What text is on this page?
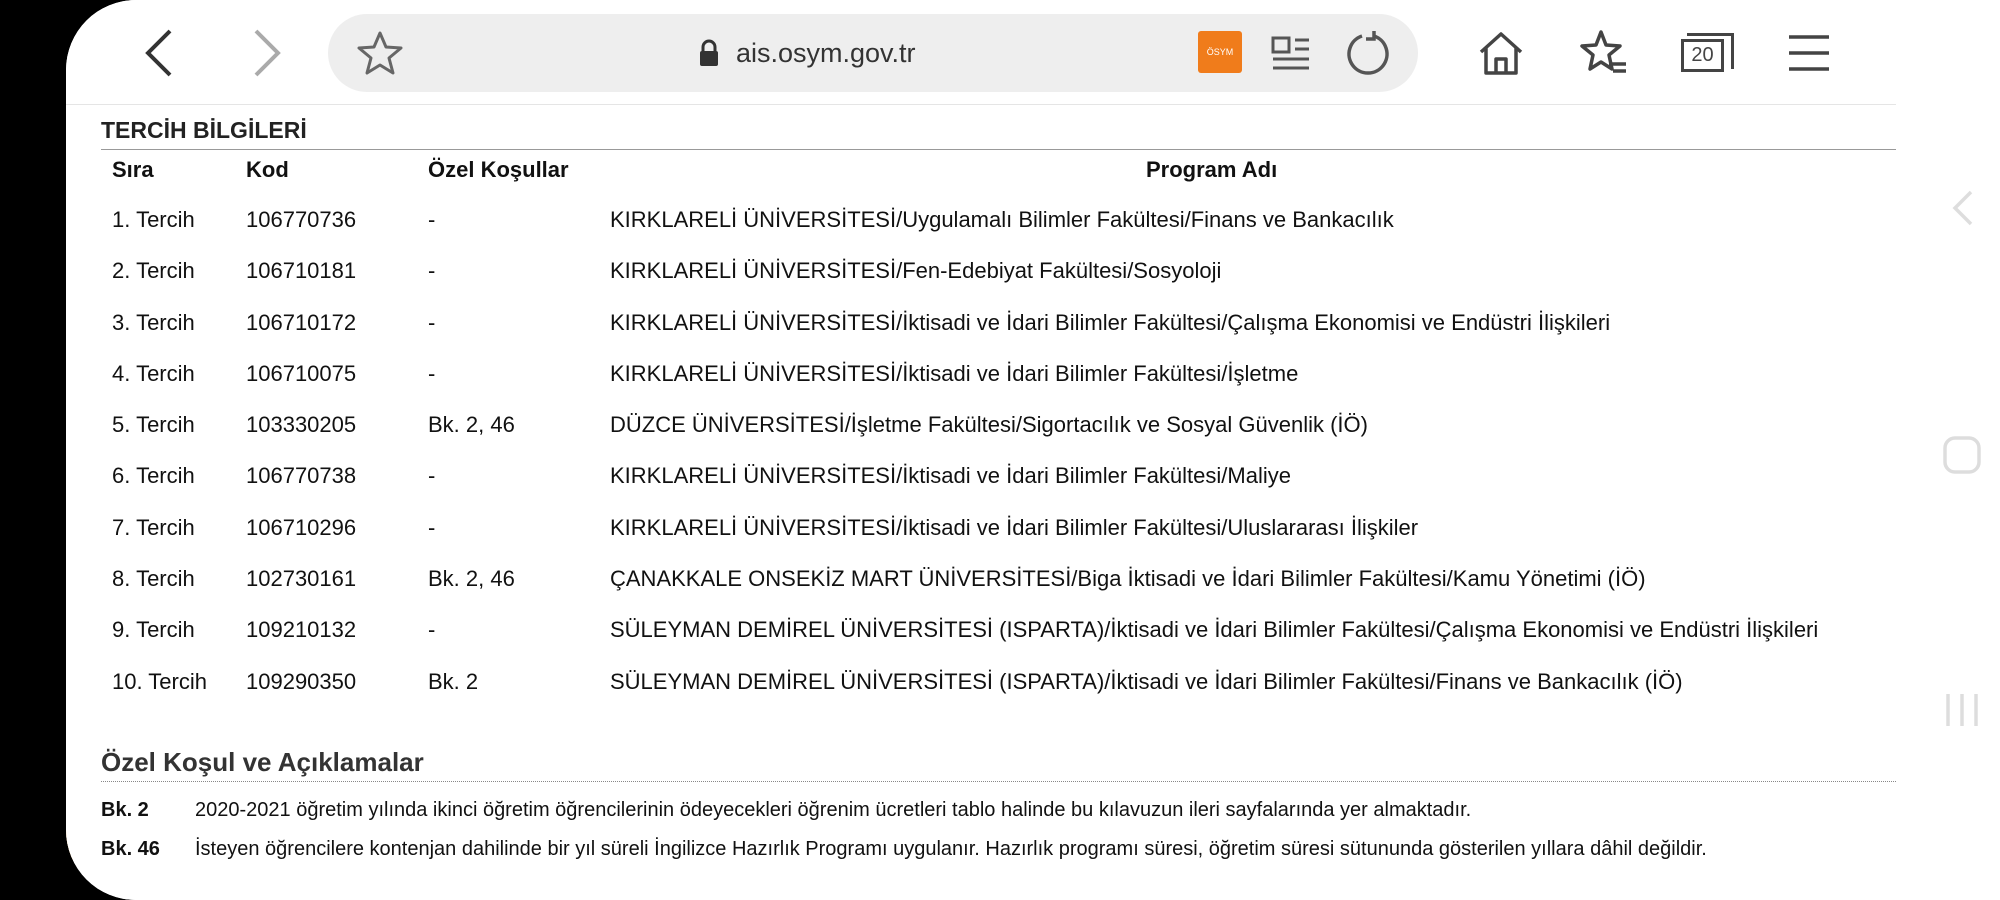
ais.osym.gov.tr	ÖSYM	20
TERCİH BİLGİLERİ
Sıra	Kod	Özel Koşullar	Program Adı
1. Tercih 106770736	-	KIRKLARELİ ÜNİVERSİTESİ/Uygulamalı Bilimler Fakültesi/Finans ve Bankacılık
2. Tercih 106710181	-	KIRKLARELİ ÜNİVERSİTESİ/Fen-Edebiyat Fakültesi/Sosyoloji
3. Tercih 106710172	-	KIRKLARELİ ÜNİVERSİTESİ/İktisadi ve İdari Bilimler Fakültesi/Çalışma Ekonomisi ve Endüstri İlişkileri
4. Tercih 106710075	-	KIRKLARELİ ÜNİVERSİTESİ/İktisadi ve İdari Bilimler Fakültesi/İşletme
5. Tercih 103330205	Bk. 2, 46	DÜZCE ÜNİVERSİTESİ/İşletme Fakültesi/Sigortacılık ve Sosyal Güvenlik (İÖ)
6. Tercih 106770738	-	KIRKLARELİ ÜNİVERSİTESİ/İktisadi ve İdari Bilimler Fakültesi/Maliye
7. Tercih 106710296	-	KIRKLARELİ ÜNİVERSİTESİ/İktisadi ve İdari Bilimler Fakültesi/Uluslararası İlişkiler
8. Tercih 102730161	Bk. 2, 46	ÇANAKKALE ONSEKİZ MART ÜNİVERSİTESİ/Biga İktisadi ve İdari Bilimler Fakültesi/Kamu Yönetimi (İÖ)
9. Tercih 109210132	-	SÜLEYMAN DEMİREL ÜNİVERSİTESİ (ISPARTA)/İktisadi ve İdari Bilimler Fakültesi/Çalışma Ekonomisi ve Endüstri İlişkileri
10. Tercih 109290350	Bk. 2	SÜLEYMAN DEMİREL ÜNİVERSİTESİ (ISPARTA)/İktisadi ve İdari Bilimler Fakültesi/Finans ve Bankacılık (İÖ)
Özel Koşul ve Açıklamalar
Bk. 2 2020-2021 öğretim yılında ikinci öğretim öğrencilerinin ödeyecekleri öğrenim ücretleri tablo halinde bu kılavuzun ileri sayfalarında yer almaktadır.
Bk. 46 İsteyen öğrencilere kontenjan dahilinde bir yıl süreli İngilizce Hazırlık Programı uygulanır. Hazırlık programı süresi, öğretim süresi sütununda gösterilen yıllara dâhil değildir.
